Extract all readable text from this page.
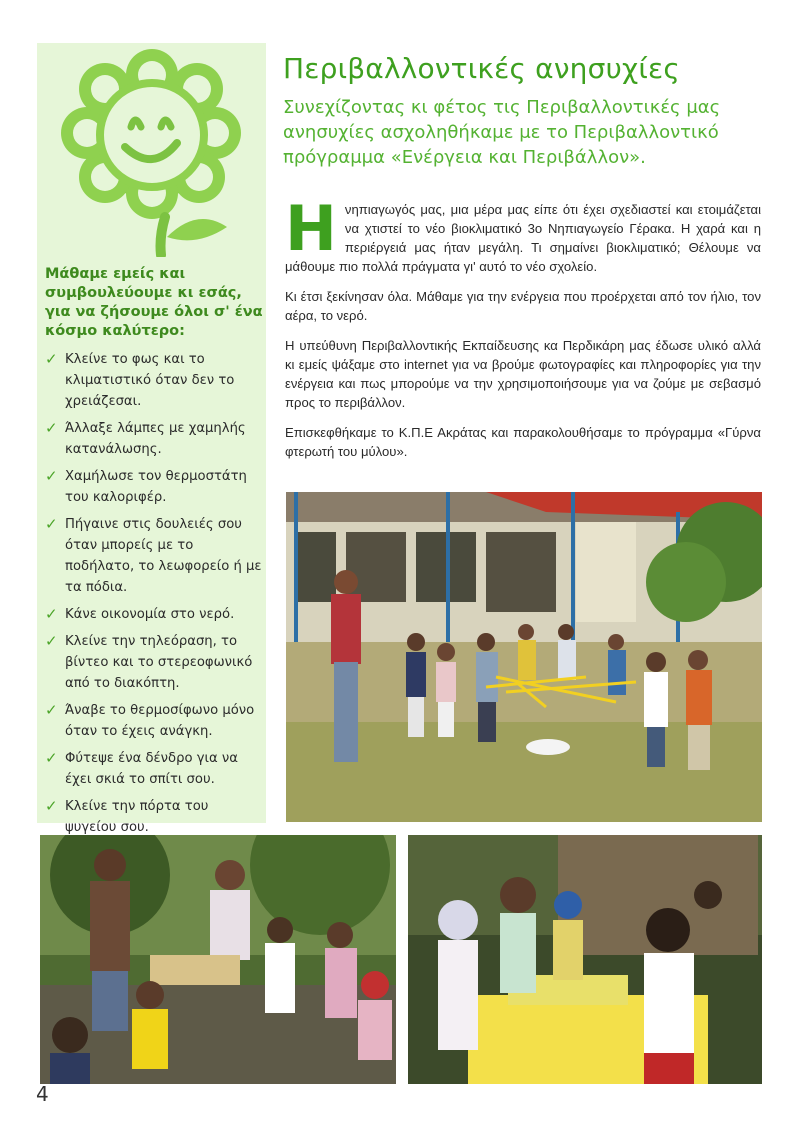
Μάθαμε εμείς και συμβουλεύουμε κι εσάς, για να ζήσουμε όλοι σ' ένα κόσμο καλύτερο:
✓ Κλείνε το φως και το κλιματιστικό όταν δεν το χρειάζεσαι.
✓ Άλλαξε λάμπες με χαμηλής κατανάλωσης.
✓ Χαμήλωσε τον θερμοστάτη του καλοριφέρ.
✓ Πήγαινε στις δουλειές σου όταν μπορείς με το ποδήλατο, το λεωφορείο ή με τα πόδια.
✓ Κάνε οικονομία στο νερό.
✓ Κλείνε την τηλεόραση, το βίντεο και το στερεοφωνικό από το διακόπτη.
✓ Άναβε το θερμοσίφωνο μόνο όταν το έχεις ανάγκη.
✓ Φύτεψε ένα δένδρο για να έχει σκιά το σπίτι σου.
✓ Κλείνε την πόρτα του ψυγείου σου.
Περιβαλλοντικές ανησυχίες
Συνεχίζοντας κι φέτος τις Περιβαλλοντικές μας ανησυχίες ασχοληθήκαμε με το Περιβαλλοντικό πρόγραμμα «Ενέργεια και Περιβάλλον».

Ηνηπιαγωγός μας, μια μέρα μας είπε ότι έχει σχεδιαστεί και ετοιμάζεται να χτιστεί το νέο βιοκλιματικό 3ο Νηπιαγωγείο Γέρακα. Η χαρά και η περιέργειά μας ήταν μεγάλη. Τι σημαίνει βιοκλιματικό; Θέλουμε να μάθουμε πιο πολλά πράγματα γι' αυτό το νέο σχολείο.

Κι έτσι ξεκίνησαν όλα. Μάθαμε για την ενέργεια που προέρχεται από τον ήλιο, τον αέρα, το νερό.

Η υπεύθυνη Περιβαλλοντικής Εκπαίδευσης κα Περδικάρη μας έδωσε υλικό αλλά κι εμείς ψάξαμε στο internet για να βρούμε φωτογραφίες και πληροφορίες για την ενέργεια και πως μπορούμε να την χρησιμοποιήσουμε για να ζούμε με σεβασμό προς το περιβάλλον.

Επισκεφθήκαμε το Κ.Π.Ε Ακράτας και παρακολουθήσαμε το πρόγραμμα «Γύρνα φτερωτή του μύλου».

4
